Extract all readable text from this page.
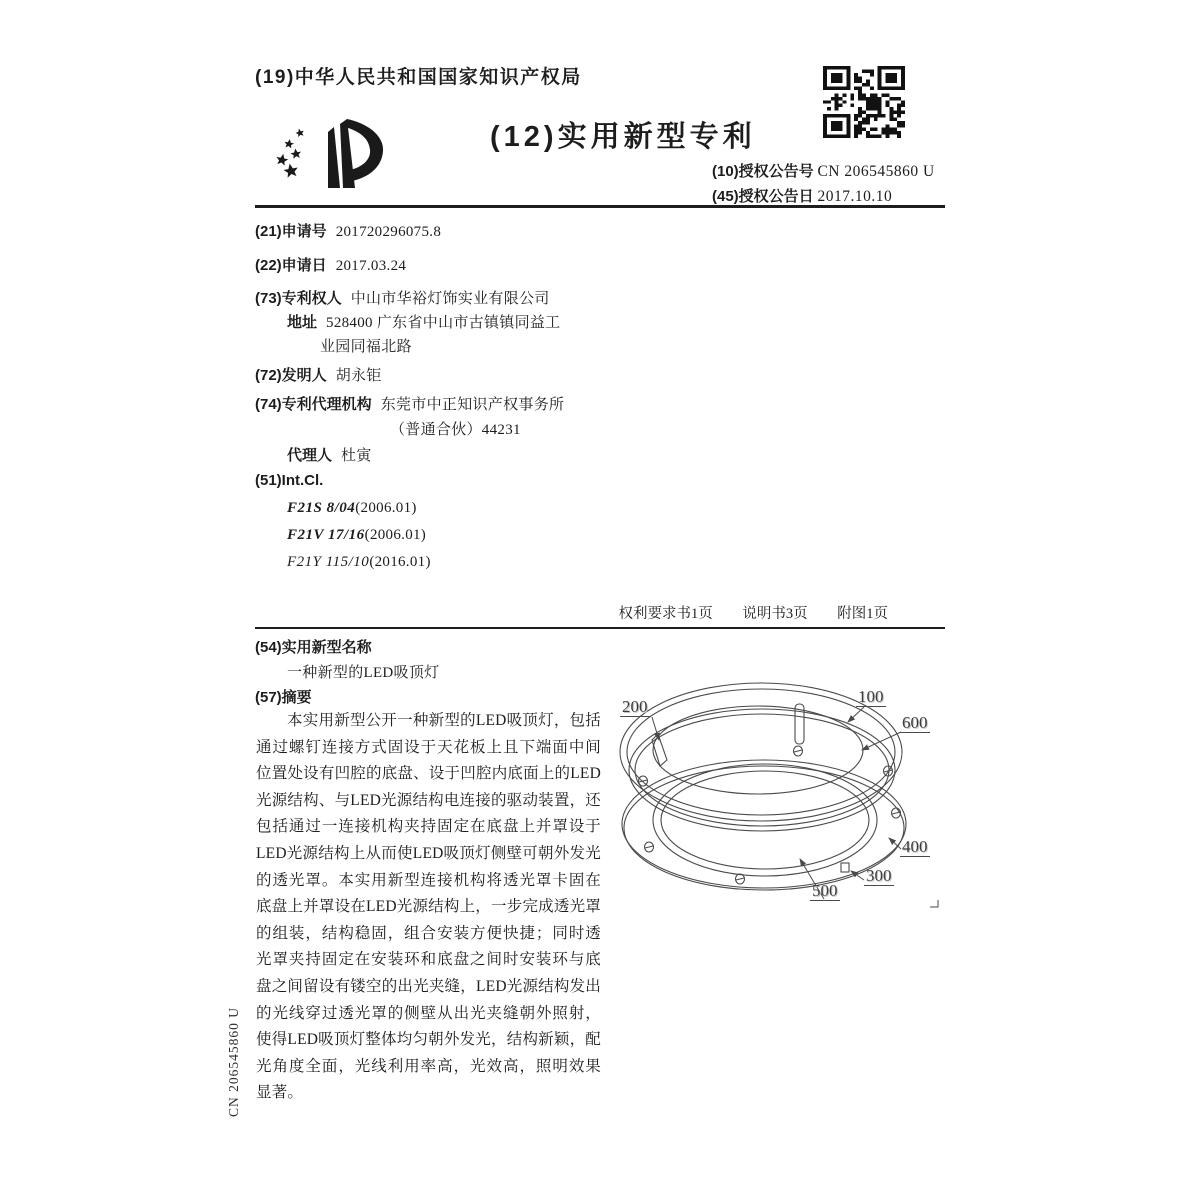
(19)中华人民共和国国家知识产权局
(12)实用新型专利
(10)授权公告号 CN 206545860 U
(45)授权公告日 2017.10.10
(21)申请号 201720296075.8
(22)申请日 2017.03.24
(73)专利权人 中山市华裕灯饰实业有限公司
地址 528400 广东省中山市古镇镇同益工
业园同福北路
(72)发明人 胡永钜
(74)专利代理机构 东莞市中正知识产权事务所
（普通合伙）44231
代理人 杜寅
(51)Int.Cl.
F21S 8/04(2006.01)
F21V 17/16(2006.01)
F21Y 115/10(2016.01)
权利要求书1页 说明书3页 附图1页
(54)实用新型名称
一种新型的LED吸顶灯
(57)摘要
本实用新型公开一种新型的LED吸顶灯，包括通过螺钉连接方式固设于天花板上且下端面中间位置处设有凹腔的底盘、设于凹腔内底面上的LED光源结构、与LED光源结构电连接的驱动装置，还包括通过一连接机构夹持固定在底盘上并罩设于LED光源结构上从而使LED吸顶灯侧壁可朝外发光的透光罩。本实用新型连接机构将透光罩卡固在底盘上并罩设在LED光源结构上，一步完成透光罩的组装，结构稳固，组合安装方便快捷；同时透光罩夹持固定在安装环和底盘之间时安装环与底盘之间留设有镂空的出光夹缝，LED光源结构发出的光线穿过透光罩的侧壁从出光夹缝朝外照射，使得LED吸顶灯整体均匀朝外发光，结构新颖，配光角度全面，光线利用率高，光效高，照明效果显著。
100
200
600
400
300
500
CN 206545860 U
